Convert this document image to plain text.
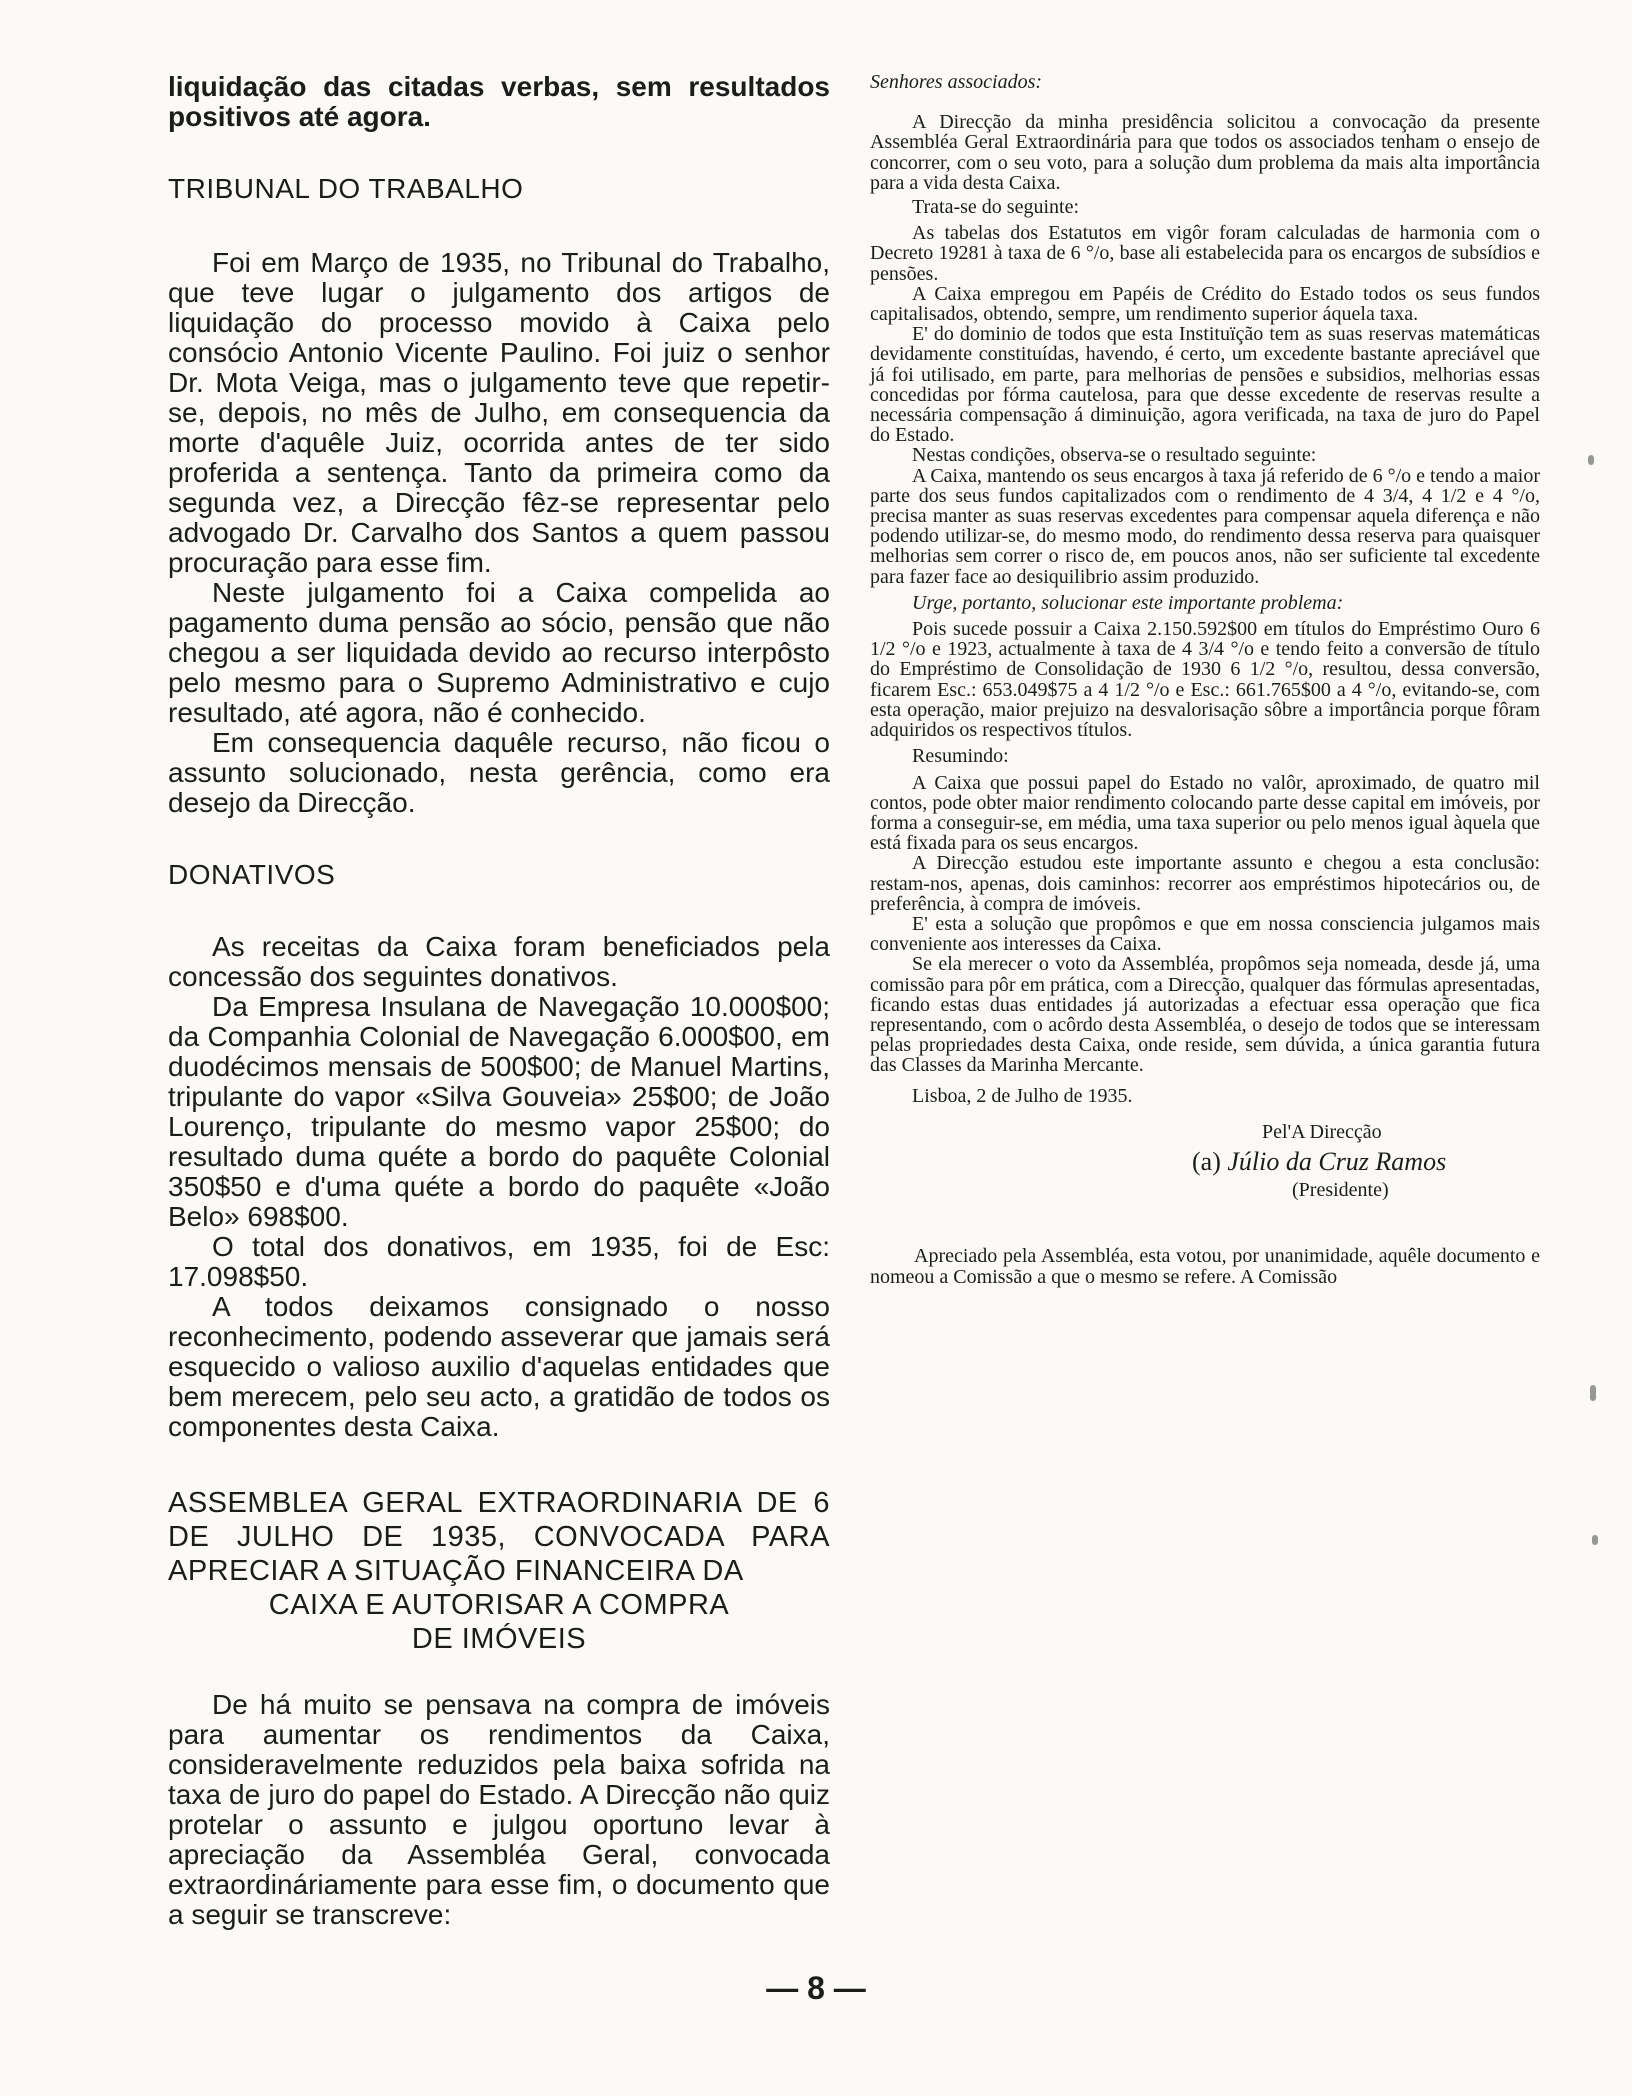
liquidação das citadas verbas, sem resultados positivos até agora.

TRIBUNAL DO TRABALHO

Foi em Março de 1935, no Tribunal do Trabalho, que teve lugar o julgamento dos artigos de liquidação do processo movido à Caixa pelo consócio Antonio Vicente Paulino. Foi juiz o senhor Dr. Mota Veiga, mas o julgamento teve que repetir-se, depois, no mês de Julho, em consequencia da morte d'aquêle Juiz, ocorrida antes de ter sido proferida a sentença. Tanto da primeira como da segunda vez, a Direcção fêz-se representar pelo advogado Dr. Carvalho dos Santos a quem passou procuração para esse fim.

Neste julgamento foi a Caixa compelida ao pagamento duma pensão ao sócio, pensão que não chegou a ser liquidada devido ao recurso interpôsto pelo mesmo para o Supremo Administrativo e cujo resultado, até agora, não é conhecido.

Em consequencia daquêle recurso, não ficou o assunto solucionado, nesta gerência, como era desejo da Direcção.

DONATIVOS

As receitas da Caixa foram beneficiados pela concessão dos seguintes donativos.

Da Empresa Insulana de Navegação 10.000$00; da Companhia Colonial de Navegação 6.000$00, em duodécimos mensais de 500$00; de Manuel Martins, tripulante do vapor «Silva Gouveia» 25$00; de João Lourenço, tripulante do mesmo vapor 25$00; do resultado duma quéte a bordo do paquête Colonial 350$50 e d'uma quéte a bordo do paquête «João Belo» 698$00.

O total dos donativos, em 1935, foi de Esc: 17.098$50.

A todos deixamos consignado o nosso reconhecimento, podendo asseverar que jamais será esquecido o valioso auxilio d'aquelas entidades que bem merecem, pelo seu acto, a gratidão de todos os componentes desta Caixa.

ASSEMBLEA GERAL EXTRAORDINARIA DE 6 DE JULHO DE 1935, CONVOCADA PARA APRECIAR A SITUAÇÃO FINANCEIRA DA
CAIXA E AUTORISAR A COMPRA
DE IMÓVEIS

De há muito se pensava na compra de imóveis para aumentar os rendimentos da Caixa, consideravelmente reduzidos pela baixa sofrida na taxa de juro do papel do Estado. A Direcção não quiz protelar o assunto e julgou oportuno levar à apreciação da Assembléa Geral, convocada extraordináriamente para esse fim, o documento que a seguir se transcreve:

Senhores associados:

A Direcção da minha presidência solicitou a convocação da presente Assembléa Geral Extraordinária para que todos os associados tenham o ensejo de concorrer, com o seu voto, para a solução dum problema da mais alta importância para a vida desta Caixa.

Trata-se do seguinte:

As tabelas dos Estatutos em vigôr foram calculadas de harmonia com o Decreto 19281 à taxa de 6 °/o, base ali estabelecida para os encargos de subsídios e pensões.

A Caixa empregou em Papéis de Crédito do Estado todos os seus fundos capitalisados, obtendo, sempre, um rendimento superior áquela taxa.

E' do dominio de todos que esta Instituïção tem as suas reservas matemáticas devidamente constituídas, havendo, é certo, um excedente bastante apreciável que já foi utilisado, em parte, para melhorias de pensões e subsidios, melhorias essas concedidas por fórma cautelosa, para que desse excedente de reservas resulte a necessária compensação á diminuição, agora verificada, na taxa de juro do Papel do Estado.

Nestas condições, observa-se o resultado seguinte:

A Caixa, mantendo os seus encargos à taxa já referido de 6 °/o e tendo a maior parte dos seus fundos capitalizados com o rendimento de 4 3/4, 4 1/2 e 4 °/o, precisa manter as suas reservas excedentes para compensar aquela diferença e não podendo utilizar-se, do mesmo modo, do rendimento dessa reserva para quaisquer melhorias sem correr o risco de, em poucos anos, não ser suficiente tal excedente para fazer face ao desiquilibrio assim produzido.

Urge, portanto, solucionar este importante problema:

Pois sucede possuir a Caixa 2.150.592$00 em títulos do Empréstimo Ouro 6 1/2 °/o e 1923, actualmente à taxa de 4 3/4 °/o e tendo feito a conversão de título do Empréstimo de Consolidação de 1930 6 1/2 °/o, resultou, dessa conversão, ficarem Esc.: 653.049$75 a 4 1/2 °/o e Esc.: 661.765$00 a 4 °/o, evitando-se, com esta operação, maior prejuizo na desvalorisação sôbre a importância porque fôram adquiridos os respectivos títulos.

Resumindo:

A Caixa que possui papel do Estado no valôr, aproximado, de quatro mil contos, pode obter maior rendimento colocando parte desse capital em imóveis, por forma a conseguir-se, em média, uma taxa superior ou pelo menos igual àquela que está fixada para os seus encargos.

A Direcção estudou este importante assunto e chegou a esta conclusão: restam-nos, apenas, dois caminhos: recorrer aos empréstimos hipotecários ou, de preferência, à compra de imóveis.

E' esta a solução que propômos e que em nossa consciencia julgamos mais conveniente aos interesses da Caixa.

Se ela merecer o voto da Assembléa, propômos seja nomeada, desde já, uma comissão para pôr em prática, com a Direcção, qualquer das fórmulas apresentadas, ficando estas duas entidades já autorizadas a efectuar essa operação que fica representando, com o acôrdo desta Assembléa, o desejo de todos que se interessam pelas propriedades desta Caixa, onde reside, sem dúvida, a única garantia futura das Classes da Marinha Mercante.

Lisboa, 2 de Julho de 1935.

Pel'A Direcção

(a) Júlio da Cruz Ramos

(Presidente)

Apreciado pela Assembléa, esta votou, por unanimidade, aquêle documento e nomeou a Comissão a que o mesmo se refere. A Comissão

— 8 —
